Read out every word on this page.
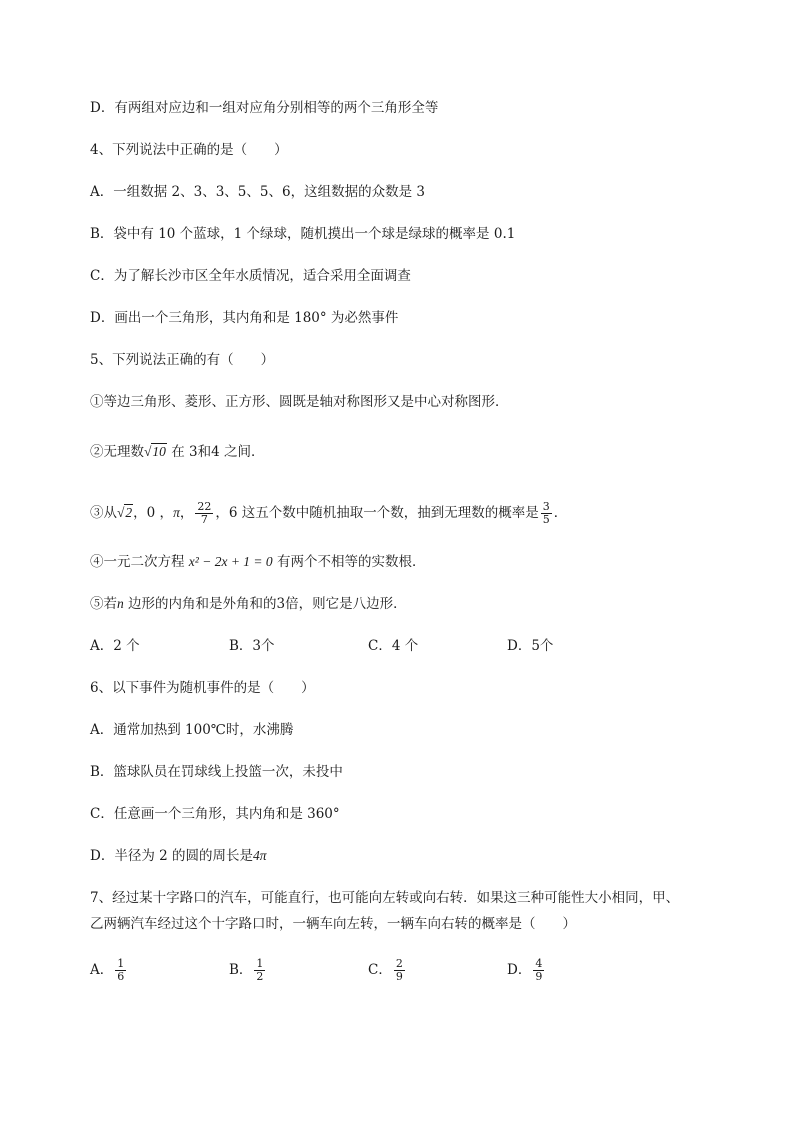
D．有两组对应边和一组对应角分别相等的两个三角形全等
4、下列说法中正确的是（　　）
A．一组数据 2、3、3、5、5、6，这组数据的众数是 3
B．袋中有 10 个蓝球，1 个绿球，随机摸出一个球是绿球的概率是 0.1
C．为了解长沙市区全年水质情况，适合采用全面调查
D．画出一个三角形，其内角和是 180° 为必然事件
5、下列说法正确的有（　　）
①等边三角形、菱形、正方形、圆既是轴对称图形又是中心对称图形．
②无理数√10 在 3和4 之间．
③从√2，0 ，π， $\frac{22}{7}$ ，6 这五个数中随机抽取一个数，抽到无理数的概率是 $\frac{3}{5}$ ．
④一元二次方程 x² − 2x + 1 = 0 有两个不相等的实数根．
⑤若n 边形的内角和是外角和的3倍，则它是八边形．
A．2 个	B．3个	C．4 个	D．5个
6、以下事件为随机事件的是（　　）
A．通常加热到 100℃时，水沸腾
B．篮球队员在罚球线上投篮一次，未投中
C．任意画一个三角形，其内角和是 360°
D．半径为 2 的圆的周长是4π
7、经过某十字路口的汽车，可能直行，也可能向左转或向右转．如果这三种可能性大小相同，甲、
乙两辆汽车经过这个十字路口时，一辆车向左转，一辆车向右转的概率是（　　）
A． $\frac{1}{6}$	B． $\frac{1}{2}$	C． $\frac{2}{9}$	D． $\frac{4}{9}$
